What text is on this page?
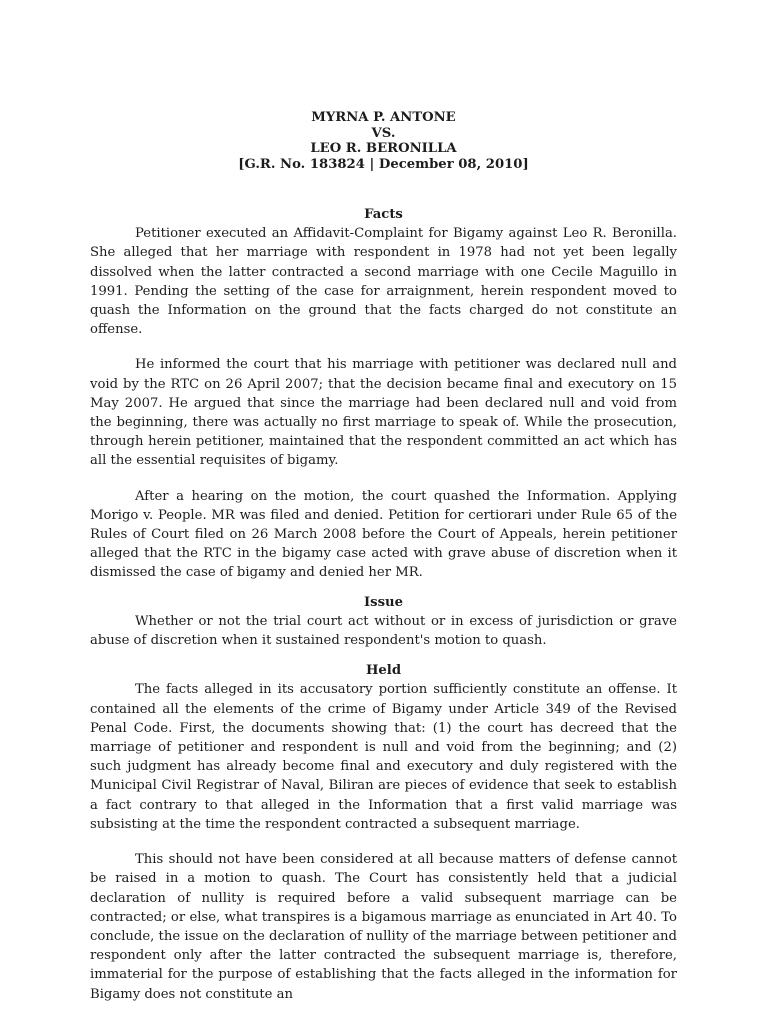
MYRNA P. ANTONE
VS.
LEO R. BERONILLA
[G.R. No. 183824 | December 08, 2010]
Facts

Petitioner executed an Affidavit-Complaint for Bigamy against Leo R. Beronilla. She alleged that her marriage with respondent in 1978 had not yet been legally dissolved when the latter contracted a second marriage with one Cecile Maguillo in 1991. Pending the setting of the case for arraignment, herein respondent moved to quash the Information on the ground that the facts charged do not constitute an offense.

He informed the court that his marriage with petitioner was declared null and void by the RTC on 26 April 2007; that the decision became final and executory on 15 May 2007. He argued that since the marriage had been declared null and void from the beginning, there was actually no first marriage to speak of. While the prosecution, through herein petitioner, maintained that the respondent committed an act which has all the essential requisites of bigamy.

After a hearing on the motion, the court quashed the Information. Applying Morigo v. People. MR was filed and denied. Petition for certiorari under Rule 65 of the Rules of Court filed on 26 March 2008 before the Court of Appeals, herein petitioner alleged that the RTC in the bigamy case acted with grave abuse of discretion when it dismissed the case of bigamy and denied her MR.

Issue

Whether or not the trial court act without or in excess of jurisdiction or grave abuse of discretion when it sustained respondent's motion to quash.

Held

The facts alleged in its accusatory portion sufficiently constitute an offense. It contained all the elements of the crime of Bigamy under Article 349 of the Revised Penal Code. First, the documents showing that: (1) the court has decreed that the marriage of petitioner and respondent is null and void from the beginning; and (2) such judgment has already become final and executory and duly registered with the Municipal Civil Registrar of Naval, Biliran are pieces of evidence that seek to establish a fact contrary to that alleged in the Information that a first valid marriage was subsisting at the time the respondent contracted a subsequent marriage.

This should not have been considered at all because matters of defense cannot be raised in a motion to quash. The Court has consistently held that a judicial declaration of nullity is required before a valid subsequent marriage can be contracted; or else, what transpires is a bigamous marriage as enunciated in Art 40. To conclude, the issue on the declaration of nullity of the marriage between petitioner and respondent only after the latter contracted the subsequent marriage is, therefore, immaterial for the purpose of establishing that the facts alleged in the information for Bigamy does not constitute an
